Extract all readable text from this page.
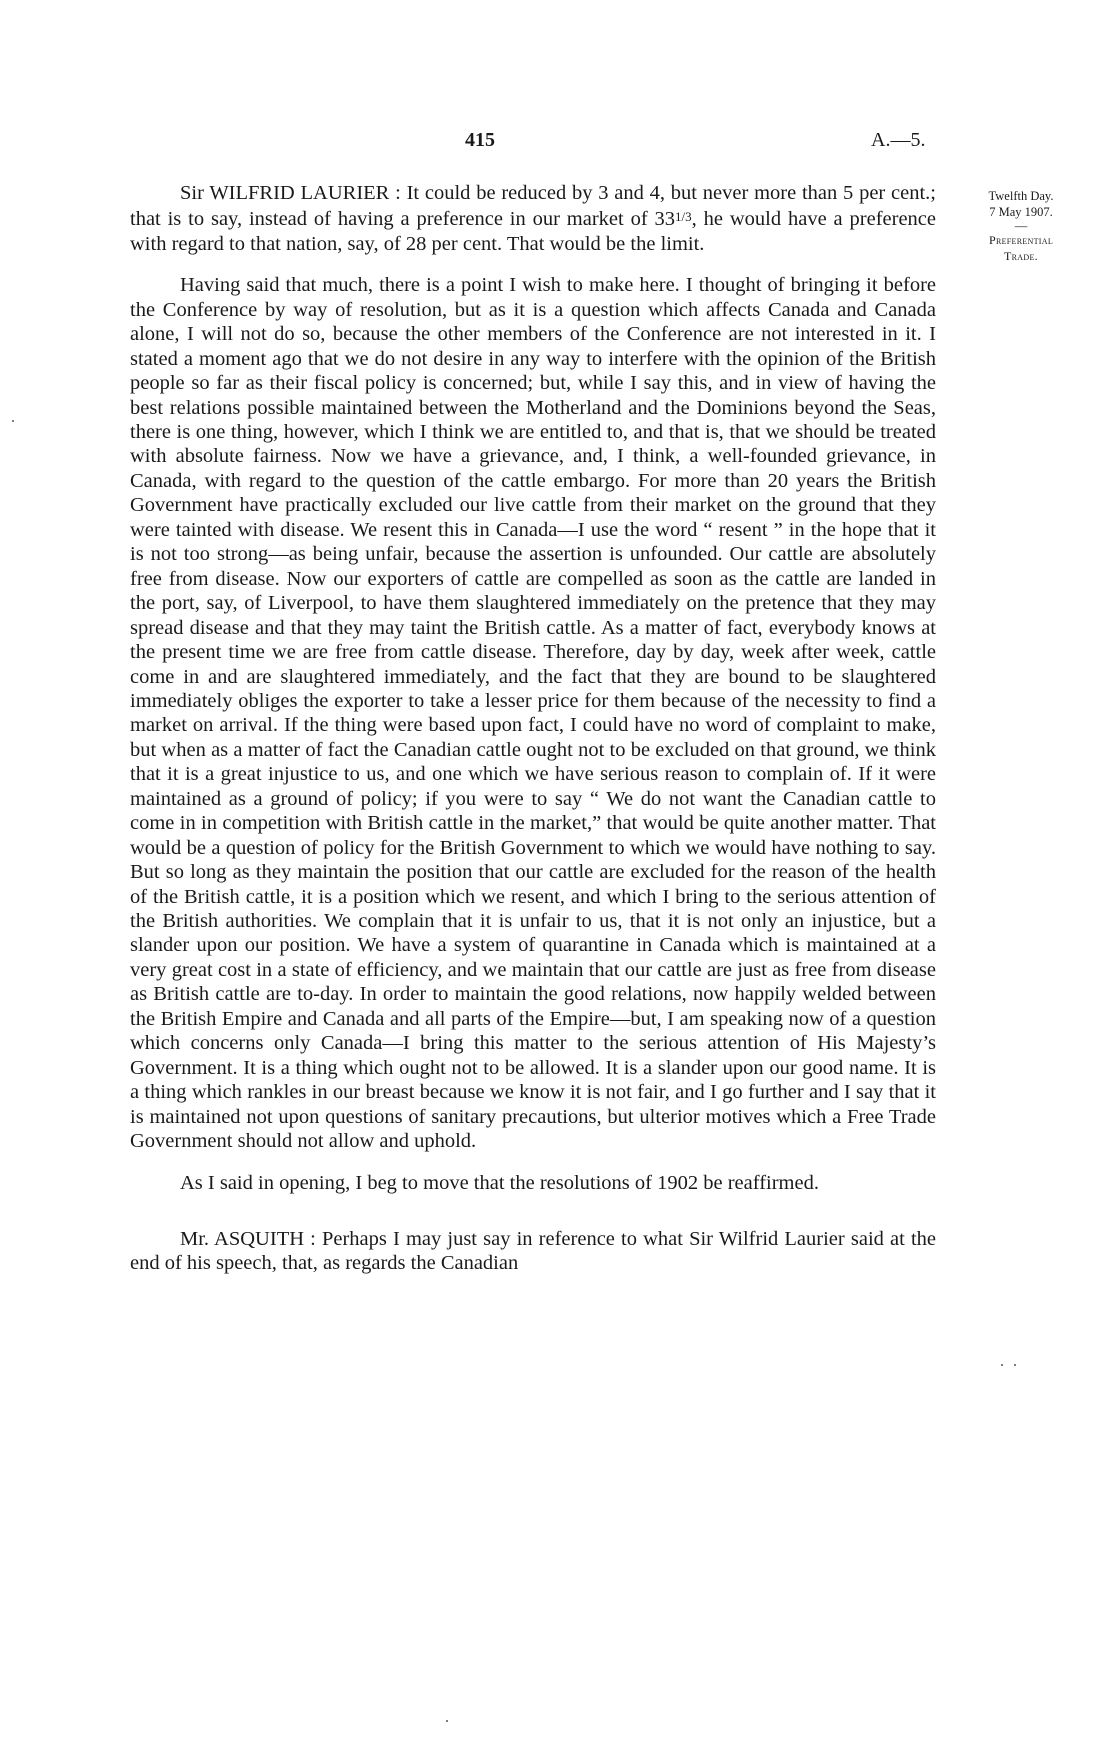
415	A.—5.
Twelfth Day.
7 May 1907.
—
Preferential
Trade.

Sir WILFRID LAURIER : It could be reduced by 3 and 4, but never more than 5 per cent.; that is to say, instead of having a preference in our market of 331/3, he would have a preference with regard to that nation, say, of 28 per cent. That would be the limit.

Having said that much, there is a point I wish to make here. I thought of bringing it before the Conference by way of resolution, but as it is a question which affects Canada and Canada alone, I will not do so, because the other members of the Conference are not interested in it. I stated a moment ago that we do not desire in any way to interfere with the opinion of the British people so far as their fiscal policy is concerned; but, while I say this, and in view of having the best relations possible maintained between the Motherland and the Dominions beyond the Seas, there is one thing, however, which I think we are entitled to, and that is, that we should be treated with absolute fairness. Now we have a grievance, and, I think, a well-founded grievance, in Canada, with regard to the question of the cattle embargo. For more than 20 years the British Government have practically excluded our live cattle from their market on the ground that they were tainted with disease. We resent this in Canada—I use the word “ resent ” in the hope that it is not too strong—as being unfair, because the assertion is unfounded. Our cattle are absolutely free from disease. Now our exporters of cattle are compelled as soon as the cattle are landed in the port, say, of Liverpool, to have them slaughtered immediately on the pretence that they may spread disease and that they may taint the British cattle. As a matter of fact, everybody knows at the present time we are free from cattle disease. Therefore, day by day, week after week, cattle come in and are slaughtered immediately, and the fact that they are bound to be slaughtered immediately obliges the exporter to take a lesser price for them because of the necessity to find a market on arrival. If the thing were based upon fact, I could have no word of complaint to make, but when as a matter of fact the Canadian cattle ought not to be excluded on that ground, we think that it is a great injustice to us, and one which we have serious reason to complain of. If it were maintained as a ground of policy; if you were to say “ We do not want the Canadian cattle to come in in competition with British cattle in the market,” that would be quite another matter. That would be a question of policy for the British Government to which we would have nothing to say. But so long as they maintain the position that our cattle are excluded for the reason of the health of the British cattle, it is a position which we resent, and which I bring to the serious attention of the British authorities. We complain that it is unfair to us, that it is not only an injustice, but a slander upon our position. We have a system of quarantine in Canada which is maintained at a very great cost in a state of efficiency, and we maintain that our cattle are just as free from disease as British cattle are to-day. In order to maintain the good relations, now happily welded between the British Empire and Canada and all parts of the Empire—but, I am speaking now of a question which concerns only Canada—I bring this matter to the serious attention of His Majesty’s Government. It is a thing which ought not to be allowed. It is a slander upon our good name. It is a thing which rankles in our breast because we know it is not fair, and I go further and I say that it is maintained not upon questions of sanitary precautions, but ulterior motives which a Free Trade Government should not allow and uphold.

As I said in opening, I beg to move that the resolutions of 1902 be reaffirmed.

Mr. ASQUITH : Perhaps I may just say in reference to what Sir Wilfrid Laurier said at the end of his speech, that, as regards the Canadian
